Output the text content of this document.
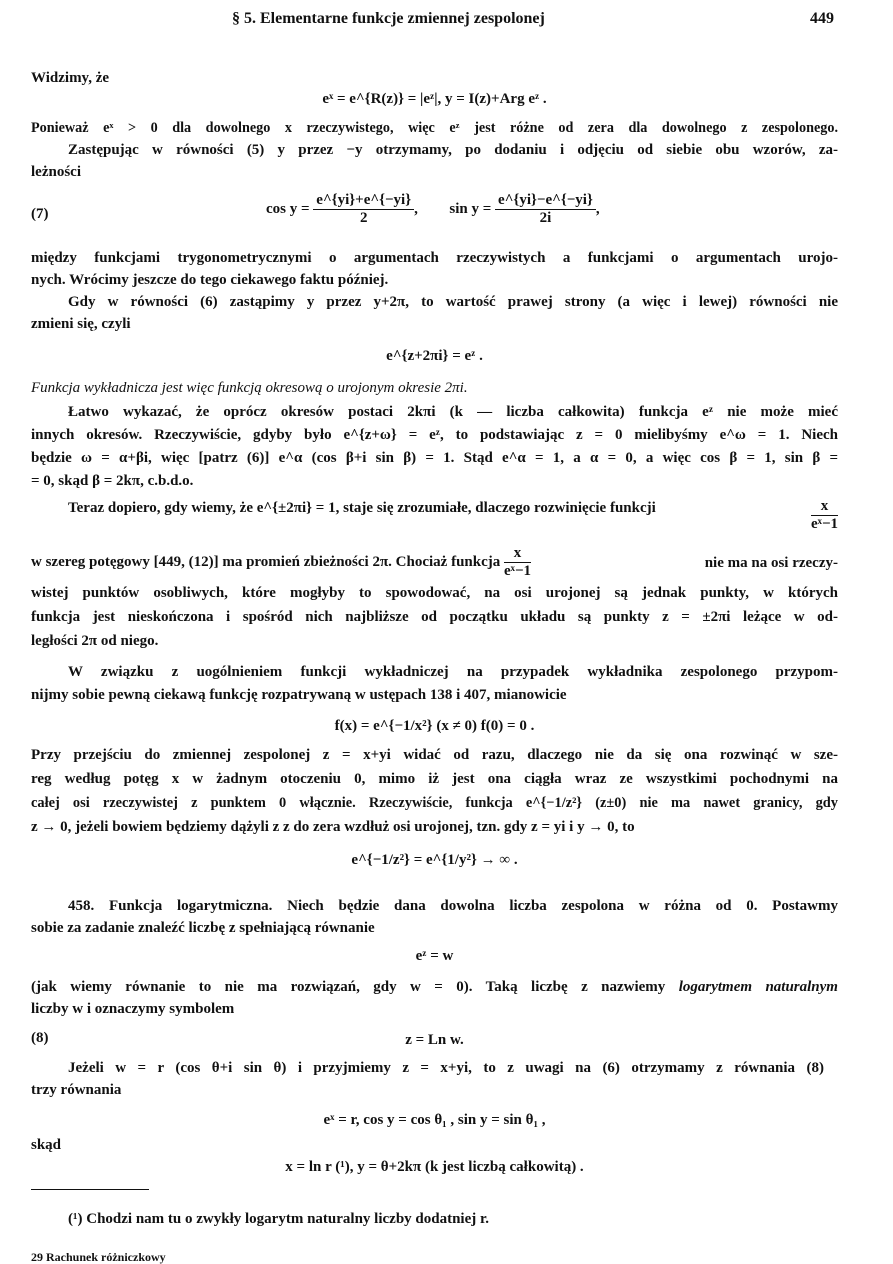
§ 5. Elementarne funkcje zmiennej zespolonej	449
Widzimy, że
eˣ = e^{R(z)} = |eᶻ|, y = I(z)+Arg eᶻ .
Ponieważ eˣ > 0 dla dowolnego x rzeczywistego, więc eᶻ jest różne od zera dla dowolnego z zespolonego.
Zastępując w równości (5) y przez −y otrzymamy, po dodaniu i odjęciu od siebie obu wzorów, za-
leżności
(7)	$\cos y = \frac{e\^{}\{yi\}+e\^{}\{-yi\}}{2}$ , $\sin y = \frac{e\^{}\{yi\}-e\^{}\{-yi\}}{2i}$ ,
między funkcjami trygonometrycznymi o argumentach rzeczywistych a funkcjami o argumentach urojo-
nych. Wrócimy jeszcze do tego ciekawego faktu później.
Gdy w równości (6) zastąpimy y przez y+2π, to wartość prawej strony (a więc i lewej) równości nie
zmieni się, czyli
e^{z+2πi} = eᶻ .
Funkcja wykładnicza jest więc funkcją okresową o urojonym okresie 2πi.
Łatwo wykazać, że oprócz okresów postaci 2kπi (k — liczba całkowita) funkcja eᶻ nie może mieć
innych okresów. Rzeczywiście, gdyby było e^{z+ω} = eᶻ, to podstawiając z = 0 mielibyśmy e^ω = 1. Niech
będzie ω = α+βi, więc [patrz (6)] e^α (cos β+i sin β) = 1. Stąd e^α = 1, a α = 0, a więc cos β = 1, sin β =
= 0, skąd β = 2kπ, c.b.d.o.
Teraz dopiero, gdy wiemy, że e^{±2πi} = 1, staje się zrozumiałe, dlaczego rozwinięcie funkcji	$\frac{x}{\text{eˣ−1}}$
w szereg potęgowy [449, (12)] ma promień zbieżności 2π. Chociaż funkcja $\frac{x}{\text{eˣ−1}}$	nie ma na osi rzeczy-
wistej punktów osobliwych, które mogłyby to spowodować, na osi urojonej są jednak punkty, w których
funkcja jest nieskończona i spośród nich najbliższe od początku układu są punkty z = ±2πi leżące w od-
ległości 2π od niego.
W związku z uogólnieniem funkcji wykładniczej na przypadek wykładnika zespolonego przypom-
nijmy sobie pewną ciekawą funkcję rozpatrywaną w ustępach 138 i 407, mianowicie
f(x) = e^{−1/x²} (x ≠ 0) f(0) = 0 .
Przy przejściu do zmiennej zespolonej z = x+yi widać od razu, dlaczego nie da się ona rozwinąć w sze-
reg według potęg x w żadnym otoczeniu 0, mimo iż jest ona ciągła wraz ze wszystkimi pochodnymi na
całej osi rzeczywistej z punktem 0 włącznie. Rzeczywiście, funkcja e^{−1/z²} (z±0) nie ma nawet granicy, gdy
z → 0, jeżeli bowiem będziemy dążyli z z do zera wzdłuż osi urojonej, tzn. gdy z = yi i y → 0, to
e^{−1/z²} = e^{1/y²} → ∞ .
458. Funkcja logarytmiczna. Niech będzie dana dowolna liczba zespolona w różna od 0. Postawmy
sobie za zadanie znaleźć liczbę z spełniającą równanie
eᶻ = w
(jak wiemy równanie to nie ma rozwiązań, gdy w = 0). Taką liczbę z nazwiemy logarytmem naturalnym
liczby w i oznaczymy symbolem
(8)	z = Ln w.
Jeżeli w = r (cos θ+i sin θ) i przyjmiemy z = x+yi, to z uwagi na (6) otrzymamy z równania (8)
trzy równania
eˣ = r, cos y = cos θ₁ , sin y = sin θ₁ ,
skąd
x = ln r (¹), y = θ+2kπ (k jest liczbą całkowitą) .
(¹) Chodzi nam tu o zwykły logarytm naturalny liczby dodatniej r.
29 Rachunek różniczkowy
